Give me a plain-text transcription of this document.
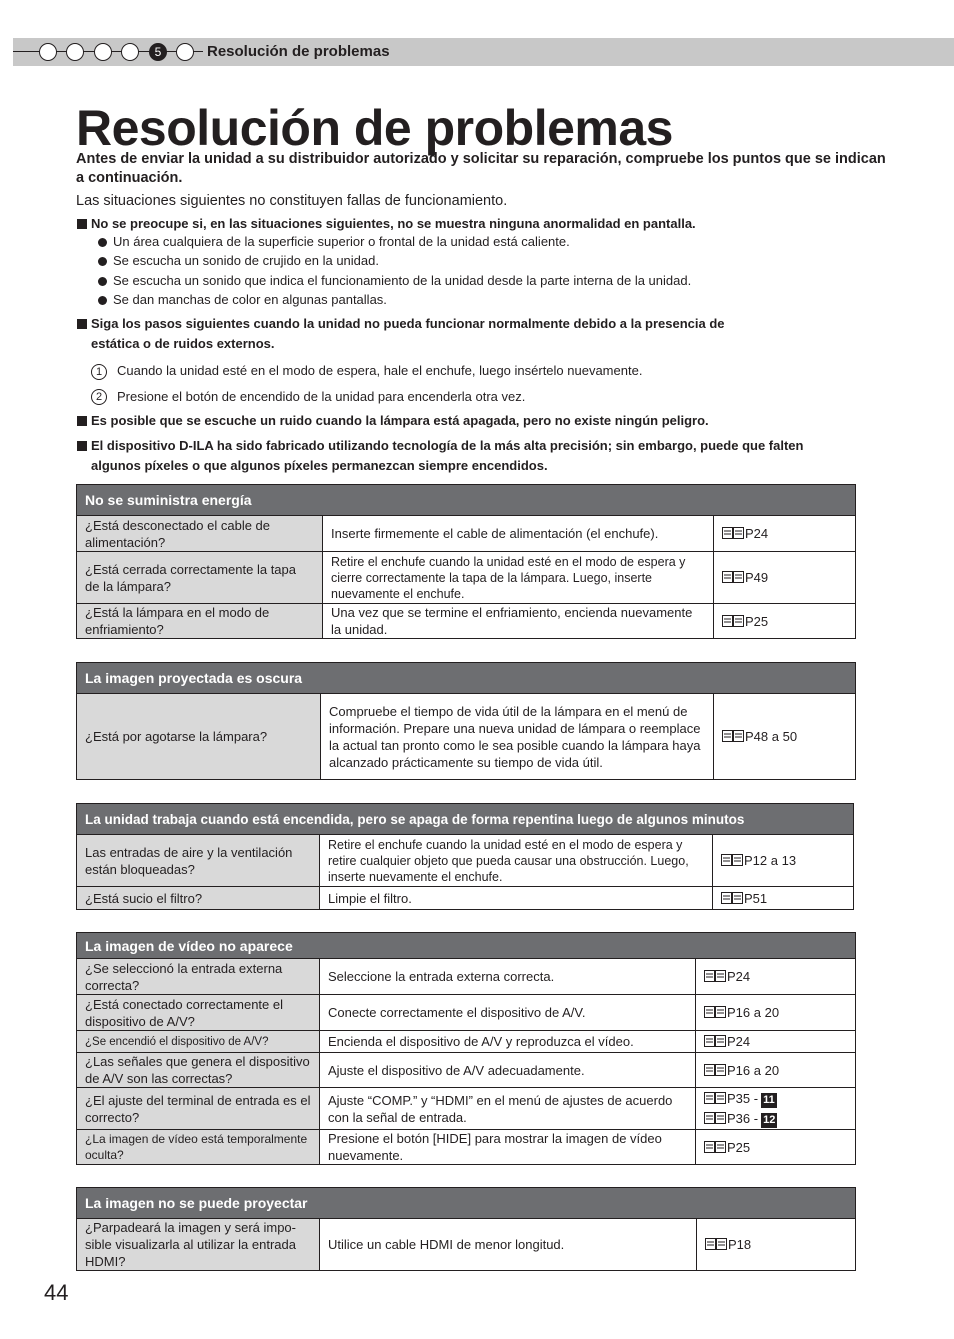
5	Resolución de problemas
Resolución de problemas

Antes de enviar la unidad a su distribuidor autorizado y solicitar su reparación, compruebe los puntos que se indican a continuación.

Las situaciones siguientes no constituyen fallas de funcionamiento.

No se preocupe si, en las situaciones siguientes, no se muestra ninguna anormalidad en pantalla.
Un área cualquiera de la superficie superior o frontal de la unidad está caliente.
Se escucha un sonido de crujido en la unidad.
Se escucha un sonido que indica el funcionamiento de la unidad desde la parte interna de la unidad.
Se dan manchas de color en algunas pantallas.
Siga los pasos siguientes cuando la unidad no pueda funcionar normalmente debido a la presencia de
estática o de ruidos externos.
1	Cuando la unidad esté en el modo de espera, hale el enchufe, luego insértelo nuevamente.
2	Presione el botón de encendido de la unidad para encenderla otra vez.
Es posible que se escuche un ruido cuando la lámpara está apagada, pero no existe ningún peligro.
El dispositivo D-ILA ha sido fabricado utilizando tecnología de la más alta precisión; sin embargo, puede que falten
algunos píxeles o que algunos píxeles permanezcan siempre encendidos.
No se suministra energía		
¿Está desconectado el cable de alimentación?	Inserte firmemente el cable de alimentación (el enchufe).	P24
¿Está cerrada correctamente la tapa de la lámpara?	Retire el enchufe cuando la unidad esté en el modo de espera y cierre correctamente la tapa de la lámpara. Luego, inserte nuevamente el enchufe.	P49
¿Está la lámpara en el modo de enfriamiento?	Una vez que se termine el enfriamiento, encienda nuevamente la unidad.	P25
La imagen proyectada es oscura
¿Está por agotarse la lámpara?	Compruebe el tiempo de vida útil de la lámpara en el menú de información. Prepare una nueva unidad de lámpara o reemplace la actual tan pronto como le sea posible cuando la lámpara haya alcanzado prácticamente su tiempo de vida útil.	P48 a 50
La unidad trabaja cuando está encendida, pero se apaga de forma repentina luego de algunos minutos		
Las entradas de aire y la ventilación están bloqueadas?	Retire el enchufe cuando la unidad esté en el modo de espera y retire cualquier objeto que pueda causar una obstrucción. Luego, inserte nuevamente el enchufe.	P12 a 13
¿Está sucio el filtro?	Limpie el filtro.	P51
La imagen de vídeo no aparece		
¿Se seleccionó la entrada externa correcta?	Seleccione la entrada externa correcta.	P24
¿Está conectado correctamente el dispositivo de A/V?	Conecte correctamente el dispositivo de A/V.	P16 a 20
¿Se encendió el dispositivo de A/V?	Encienda el dispositivo de A/V y reproduzca el vídeo.	P24
¿Las señales que genera el dispositivo de A/V son las correctas?	Ajuste el dispositivo de A/V adecuadamente.	P16 a 20
¿El ajuste del terminal de entrada es el correcto?	Ajuste “COMP.” y “HDMI” en el menú de ajustes de acuerdo con la señal de entrada.	P35 - 11
P36 - 12

¿La imagen de vídeo está temporalmente oculta?	Presione el botón [HIDE] para mostrar la imagen de vídeo nuevamente.	P25
La imagen no se puede proyectar
¿Parpadeará la imagen y será impo-sible visualizarla al utilizar la entrada HDMI?	Utilice un cable HDMI de menor longitud.	P18
44
